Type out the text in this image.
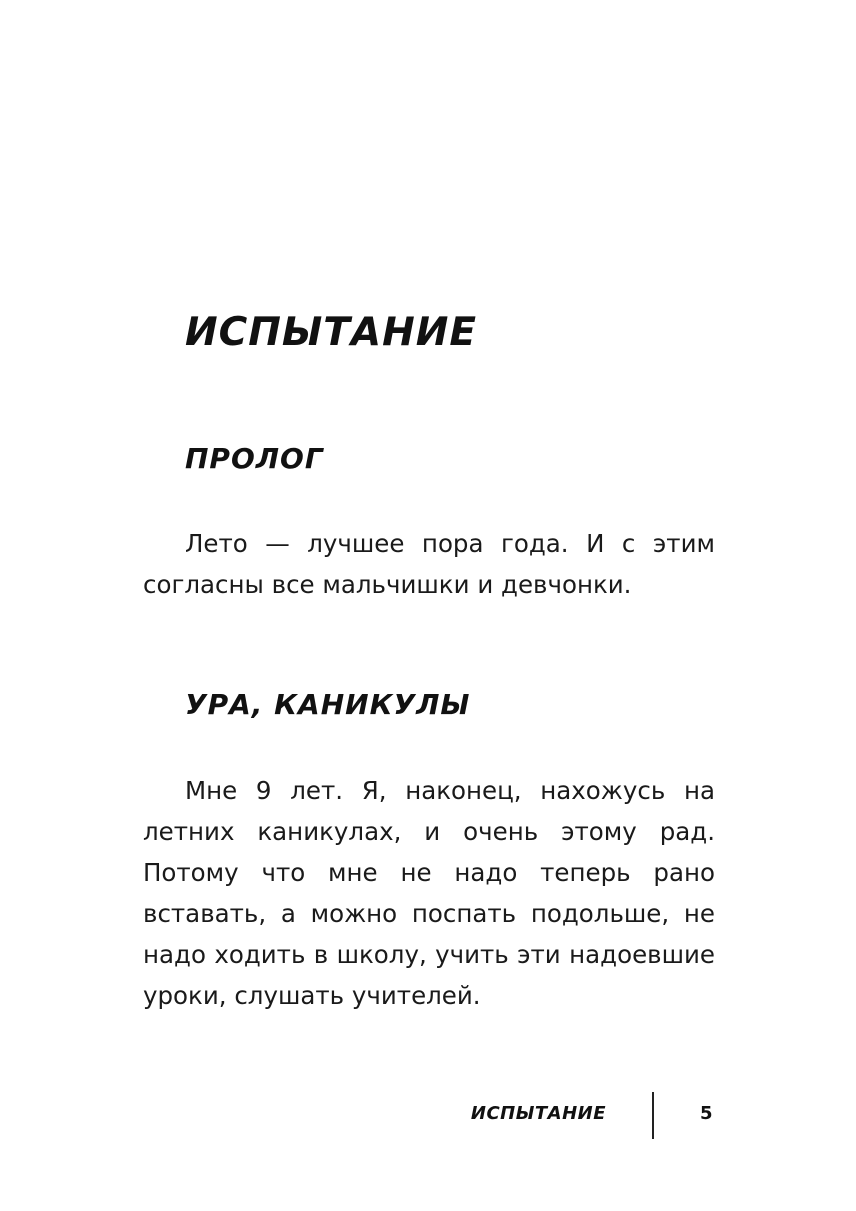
ИСПЫТАНИЕ
ПРОЛОГ

Лето — лучшее пора года. И с этим согласны все мальчишки и девчонки.

УРА, КАНИКУЛЫ

Мне 9 лет. Я, наконец, нахожусь на летних каникулах, и очень этому рад. Потому что мне не надо теперь рано вставать, а можно поспать подольше, не надо ходить в школу, учить эти надоевшие уроки, слушать учителей.

ИСПЫТАНИЕ	5
